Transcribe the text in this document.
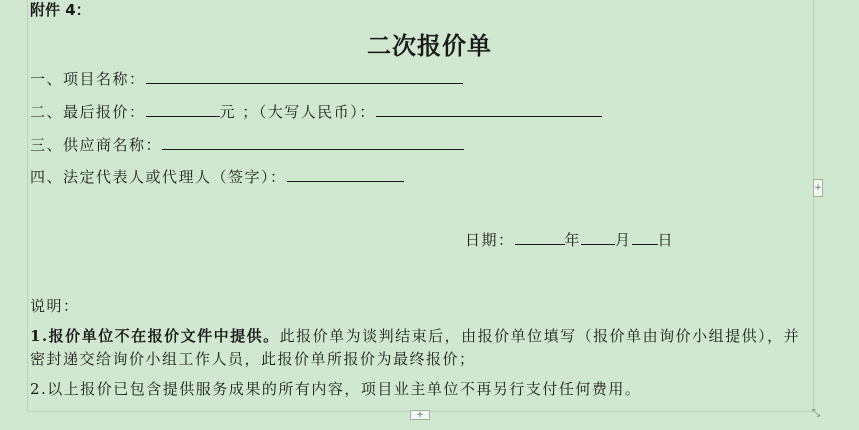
附件 4：
二次报价单
一、项目名称：
二、最后报价：	元 ；（大写人民币）：
三、供应商名称：
四、法定代表人或代理人（签字）：
日期：	年 月 日
说明：
1.报价单位不在报价文件中提供。此报价单为谈判结束后，由报价单位填写（报价单由询价小组提供），并密封递交给询价小组工作人员，此报价单所报价为最终报价；
2.以上报价已包含提供服务成果的所有内容，项目业主单位不再另行支付任何费用。
+
+	⤡
